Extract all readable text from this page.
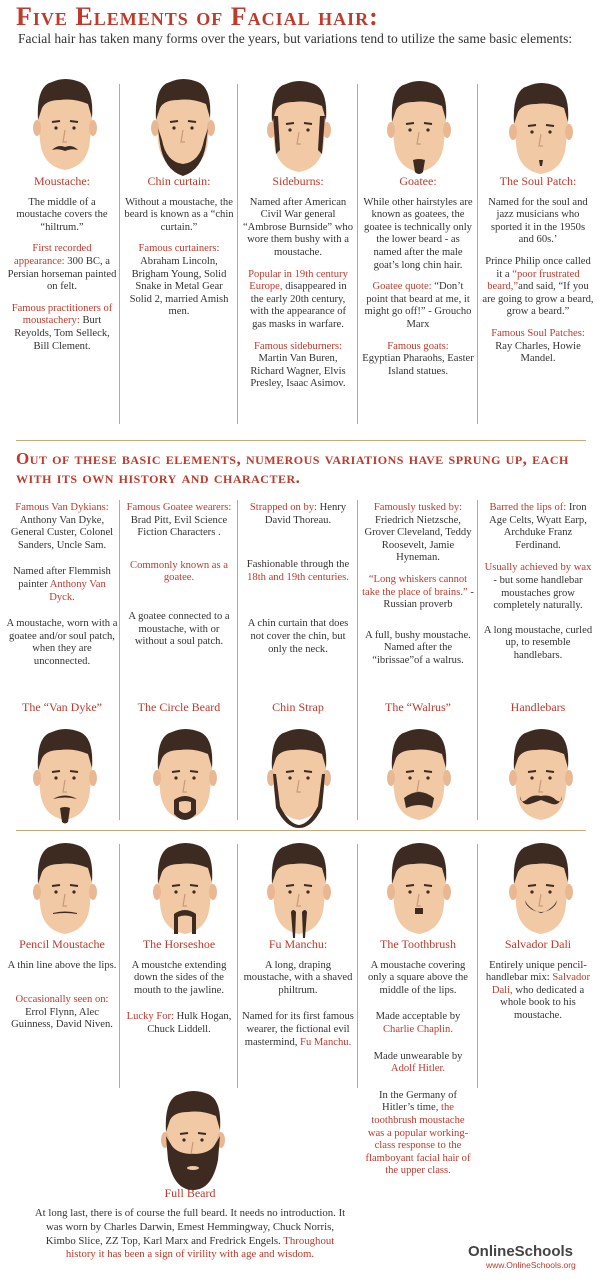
Five Elements of Facial hair:
Facial hair has taken many forms over the years, but variations tend to utilize the same basic elements:

Moustache:

The middle of a moustache covers the “hiltrum.”

First recorded appearance: 300 BC, a Persian horseman painted on felt.

Famous practitioners of moustachery: Burt Reyolds, Tom Selleck, Bill Clement.

Chin curtain:

Without a moustache, the beard is known as a “chin curtain.”

Famous curtainers: Abraham Lincoln, Brigham Young, Solid Snake in Metal Gear Solid 2, married Amish men.

Sideburns:

Named after American Civil War general “Ambrose Burnside” who wore them bushy with a moustache.

Popular in 19th century Europe, disappeared in the early 20th century, with the appearance of gas masks in warfare.

Famous sideburners:
Martin Van Buren, Richard Wagner, Elvis Presley, Isaac Asimov.

Goatee:

While other hairstyles are known as goatees, the goatee is technically only the lower beard - as named after the male goat’s long chin hair.

Goatee quote: “Don’t point that beard at me, it might go off!” - Groucho Marx

Famous goats:
Egyptian Pharaohs, Easter Island statues.

The Soul Patch:

Named for the soul and jazz musicians who sported it in the 1950s and 60s.’

Prince Philip once called it a “poor frustrated beard,”and said, “If you are going to grow a beard, grow a beard.”

Famous Soul Patches:
Ray Charles, Howie Mandel.

Out of these basic elements, numerous variations have sprung up, each with its own history and character.

Famous Van Dykians: Anthony Van Dyke, General Custer, Colonel Sanders, Uncle Sam.

Named after Flemmish painter Anthony Van Dyck.

A moustache, worn with a goatee and/or soul patch, when they are unconnected.

Famous Goatee wearers: Brad Pitt, Evil Science Fiction Characters .

Commonly known as a goatee.

A goatee connected to a moustache, with or without a soul patch.

Strapped on by: Henry David Thoreau.

Fashionable through the 18th and 19th centuries.

A chin curtain that does not cover the chin, but only the neck.

Famously tusked by: Friedrich Nietzsche, Grover Cleveland, Teddy Roosevelt, Jamie Hyneman.

“Long whiskers cannot take the place of brains.” - Russian proverb

A full, bushy moustache. Named after the “ibrissae”of a walrus.

Barred the lips of: Iron Age Celts, Wyatt Earp, Archduke Franz Ferdinand.

Usually achieved by wax - but some handlebar moustaches grow completely naturally.

A long moustache, curled up, to resemble handlebars.

The “Van Dyke”	The Circle Beard	Chin Strap	The “Walrus”	Handlebars

Pencil Moustache

A thin line above the lips.

Occasionally seen on: Errol Flynn, Alec Guinness, David Niven.

The Horseshoe

A moustche extending down the sides of the mouth to the jawline.

Lucky For: Hulk Hogan, Chuck Liddell.

Fu Manchu:

A long, draping moustache, with a shaved philtrum.

Named for its first famous wearer, the fictional evil mastermind, Fu Manchu.

The Toothbrush

A moustache covering only a square above the middle of the lips.

Made acceptable by
Charlie Chaplin.

Made unwearable by
Adolf Hitler.

In the Germany of Hitler’s time, the toothbrush moustache was a popular working-class response to the flamboyant facial hair of the upper class.

Salvador Dali

Entirely unique pencil-handlebar mix: Salvador Dali, who dedicated a whole book to his moustache.

Full Beard
At long last, there is of course the full beard. It needs no introduction. It was worn by Charles Darwin, Emest Hemmingway, Chuck Norris, Kimbo Slice, ZZ Top, Karl Marx and Fredrick Engels. Throughout history it has been a sign of virility with age and wisdom.	OnlineSchools
www.OnlineSchools.org
